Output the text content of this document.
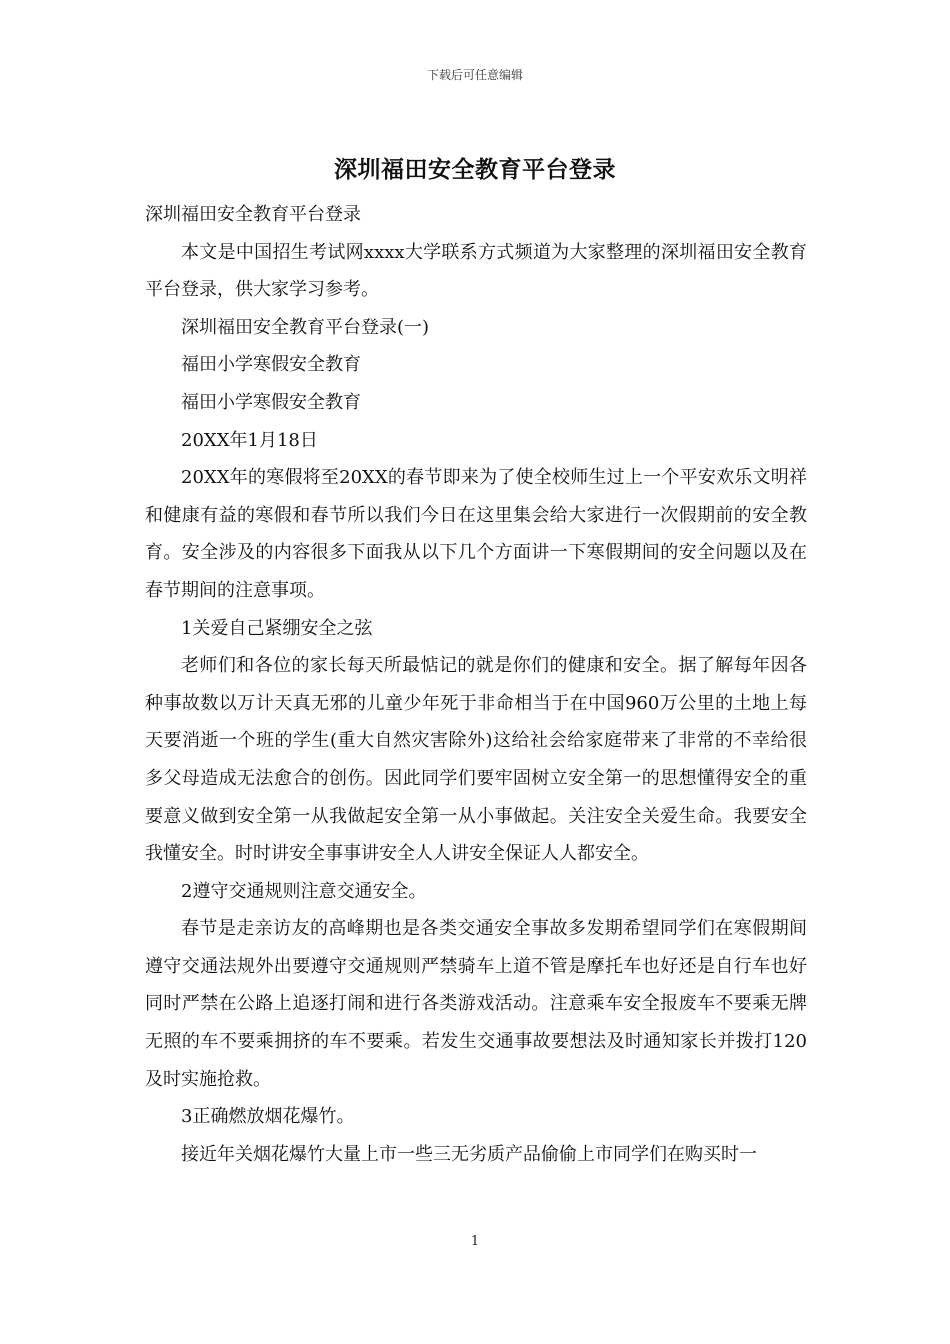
下载后可任意编辑
深圳福田安全教育平台登录

深圳福田安全教育平台登录

本文是中国招生考试网xxxx大学联系方式频道为大家整理的深圳福田安全教育平台登录，供大家学习参考。

深圳福田安全教育平台登录(一)

福田小学寒假安全教育

福田小学寒假安全教育

20XX年1月18日

20XX年的寒假将至20XX的春节即来为了使全校师生过上一个平安欢乐文明祥和健康有益的寒假和春节所以我们今日在这里集会给大家进行一次假期前的安全教育。安全涉及的内容很多下面我从以下几个方面讲一下寒假期间的安全问题以及在春节期间的注意事项。

1关爱自己紧绷安全之弦

老师们和各位的家长每天所最惦记的就是你们的健康和安全。据了解每年因各种事故数以万计天真无邪的儿童少年死于非命相当于在中国960万公里的土地上每天要消逝一个班的学生(重大自然灾害除外)这给社会给家庭带来了非常的不幸给很多父母造成无法愈合的创伤。因此同学们要牢固树立安全第一的思想懂得安全的重要意义做到安全第一从我做起安全第一从小事做起。关注安全关爱生命。我要安全我懂安全。时时讲安全事事讲安全人人讲安全保证人人都安全。

2遵守交通规则注意交通安全。

春节是走亲访友的高峰期也是各类交通安全事故多发期希望同学们在寒假期间遵守交通法规外出要遵守交通规则严禁骑车上道不管是摩托车也好还是自行车也好同时严禁在公路上追逐打闹和进行各类游戏活动。注意乘车安全报废车不要乘无牌无照的车不要乘拥挤的车不要乘。若发生交通事故要想法及时通知家长并拨打120及时实施抢救。

3正确燃放烟花爆竹。

接近年关烟花爆竹大量上市一些三无劣质产品偷偷上市同学们在购买时一

1
